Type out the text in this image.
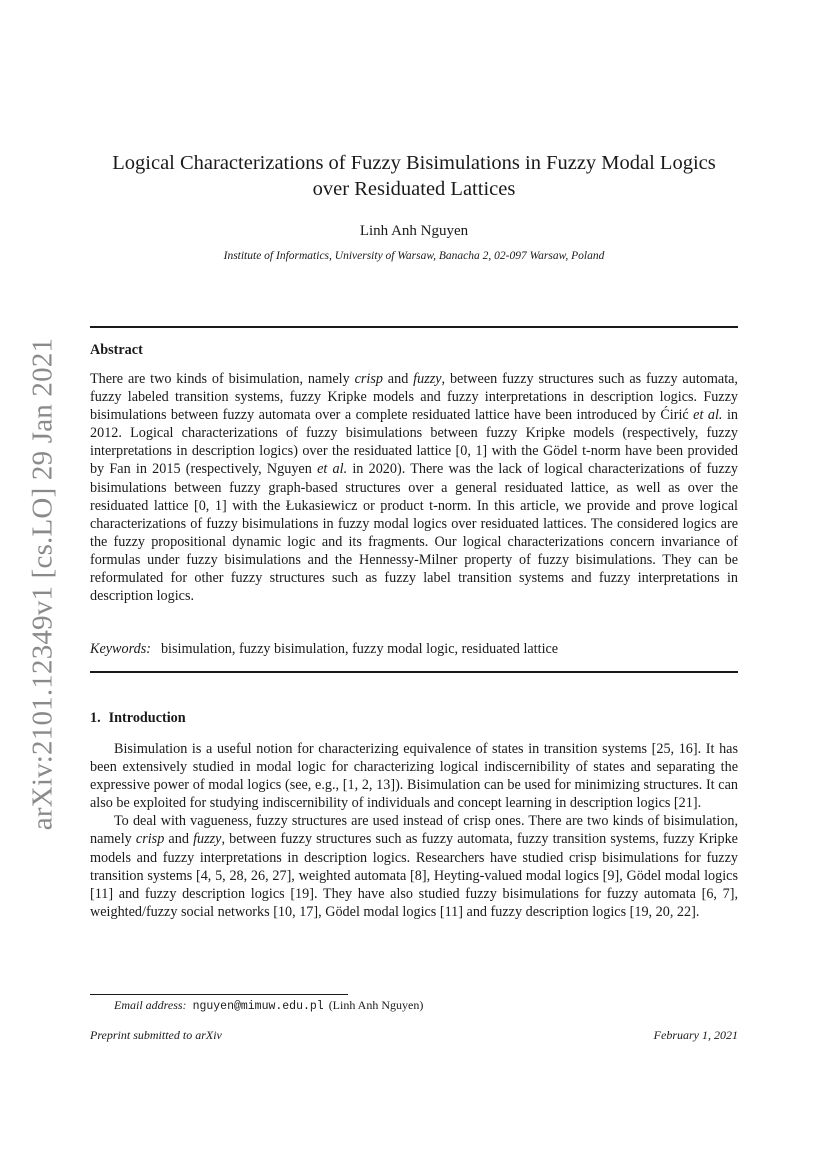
arXiv:2101.12349v1 [cs.LO] 29 Jan 2021
Logical Characterizations of Fuzzy Bisimulations in Fuzzy Modal Logics
over Residuated Lattices
Linh Anh Nguyen
Institute of Informatics, University of Warsaw, Banacha 2, 02-097 Warsaw, Poland
Abstract
There are two kinds of bisimulation, namely crisp and fuzzy, between fuzzy structures such as fuzzy automata, fuzzy labeled transition systems, fuzzy Kripke models and fuzzy interpretations in description logics. Fuzzy bisimulations between fuzzy automata over a complete residuated lattice have been introduced by Ćirić et al. in 2012. Logical characterizations of fuzzy bisimulations between fuzzy Kripke models (respectively, fuzzy interpretations in description logics) over the residuated lattice [0, 1] with the Gödel t-norm have been provided by Fan in 2015 (respectively, Nguyen et al. in 2020). There was the lack of logical characterizations of fuzzy bisimulations between fuzzy graph-based structures over a general residuated lattice, as well as over the residuated lattice [0, 1] with the Łukasiewicz or product t-norm. In this article, we provide and prove logical characterizations of fuzzy bisimulations in fuzzy modal logics over residuated lattices. The considered logics are the fuzzy propositional dynamic logic and its fragments. Our logical characterizations concern invariance of formulas under fuzzy bisimulations and the Hennessy-Milner property of fuzzy bisimulations. They can be reformulated for other fuzzy structures such as fuzzy label transition systems and fuzzy interpretations in description logics.
Keywords: bisimulation, fuzzy bisimulation, fuzzy modal logic, residuated lattice
1. Introduction

Bisimulation is a useful notion for characterizing equivalence of states in transition systems [25, 16]. It has been extensively studied in modal logic for characterizing logical indiscernibility of states and separating the expressive power of modal logics (see, e.g., [1, 2, 13]). Bisimulation can be used for minimizing structures. It can also be exploited for studying indiscernibility of individuals and concept learning in description logics [21].

To deal with vagueness, fuzzy structures are used instead of crisp ones. There are two kinds of bisimulation, namely crisp and fuzzy, between fuzzy structures such as fuzzy automata, fuzzy transition systems, fuzzy Kripke models and fuzzy interpretations in description logics. Researchers have studied crisp bisimulations for fuzzy transition systems [4, 5, 28, 26, 27], weighted automata [8], Heyting-valued modal logics [9], Gödel modal logics [11] and fuzzy description logics [19]. They have also studied fuzzy bisimulations for fuzzy automata [6, 7], weighted/fuzzy social networks [10, 17], Gödel modal logics [11] and fuzzy description logics [19, 20, 22].

Email address: nguyen@mimuw.edu.pl (Linh Anh Nguyen)
Preprint submitted to arXiv	February 1, 2021
